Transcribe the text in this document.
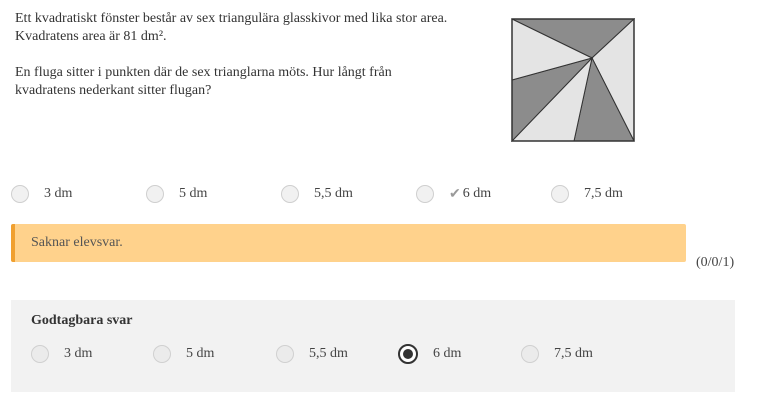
Ett kvadratiskt fönster består av sex triangulära glasskivor med lika stor area. Kvadratens area är 81 dm².

En fluga sitter i punkten där de sex trianglarna möts. Hur långt från kvadratens nederkant sitter flugan?

3 dm	5 dm	5,5 dm	✔ 6 dm	7,5 dm
Saknar elevsvar.
(0/0/1)
Godtagbara svar
3 dm	5 dm	5,5 dm	6 dm	7,5 dm
